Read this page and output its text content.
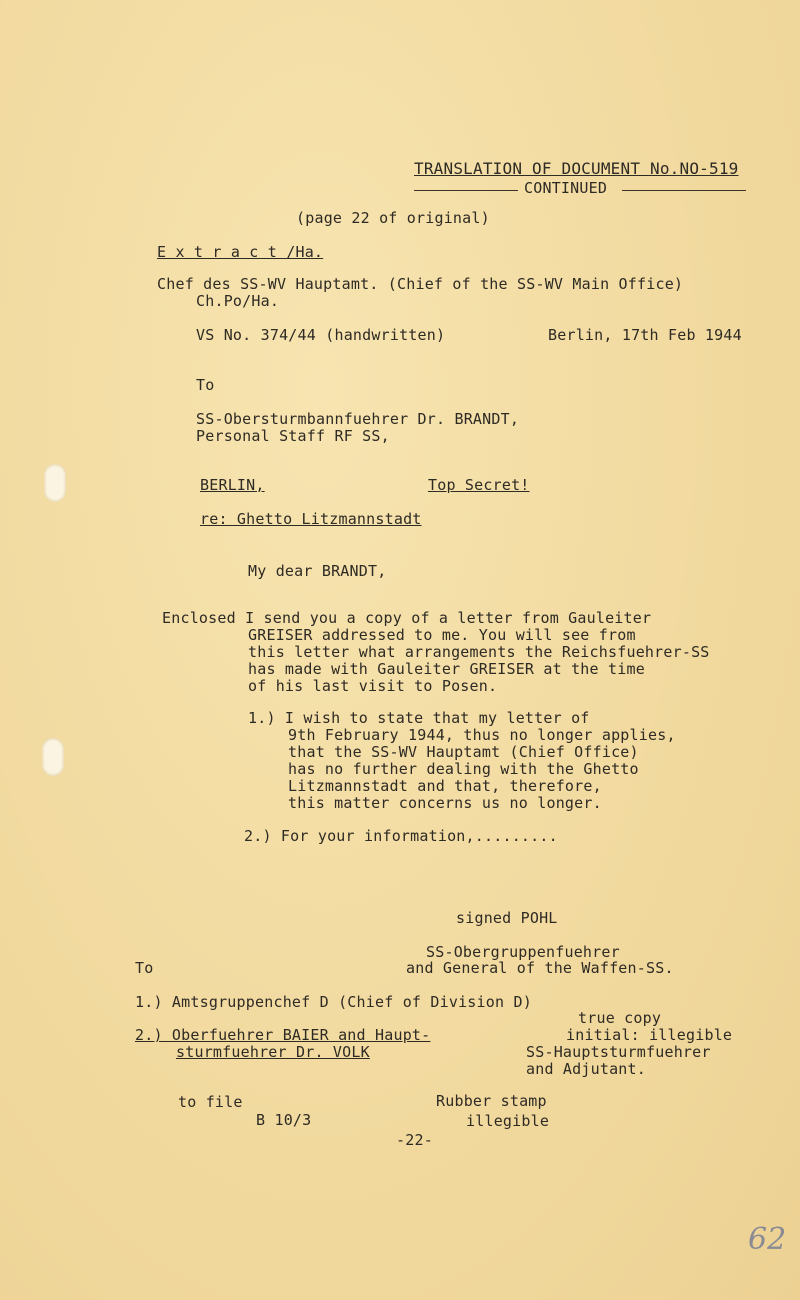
TRANSLATION OF DOCUMENT No.NO-519
CONTINUED
(page 22 of original)
E x t r a c t /Ha.
Chef des SS-WV Hauptamt. (Chief of the SS-WV Main Office)
Ch.Po/Ha.
VS No. 374/44 (handwritten)	Berlin, 17th Feb 1944
To
SS-Obersturmbannfuehrer Dr. BRANDT,
Personal Staff RF SS,
BERLIN,	Top Secret!
re: Ghetto Litzmannstadt
My dear BRANDT,
Enclosed I send you a copy of a letter from Gauleiter
GREISER addressed to me. You will see from
this letter what arrangements the Reichsfuehrer-SS
has made with Gauleiter GREISER at the time
of his last visit to Posen.
1.) I wish to state that my letter of
9th February 1944, thus no longer applies,
that the SS-WV Hauptamt (Chief Office)
has no further dealing with the Ghetto
Litzmannstadt and that, therefore,
this matter concerns us no longer.
2.) For your information,.........
signed POHL
SS-Obergruppenfuehrer
To	and General of the Waffen-SS.
1.) Amtsgruppenchef D (Chief of Division D)
true copy
2.) Oberfuehrer BAIER and Haupt-	initial: illegible
sturmfuehrer Dr. VOLK	SS-Hauptsturmfuehrer
and Adjutant.
to file	Rubber stamp
B 10/3	illegible
-22-
62
